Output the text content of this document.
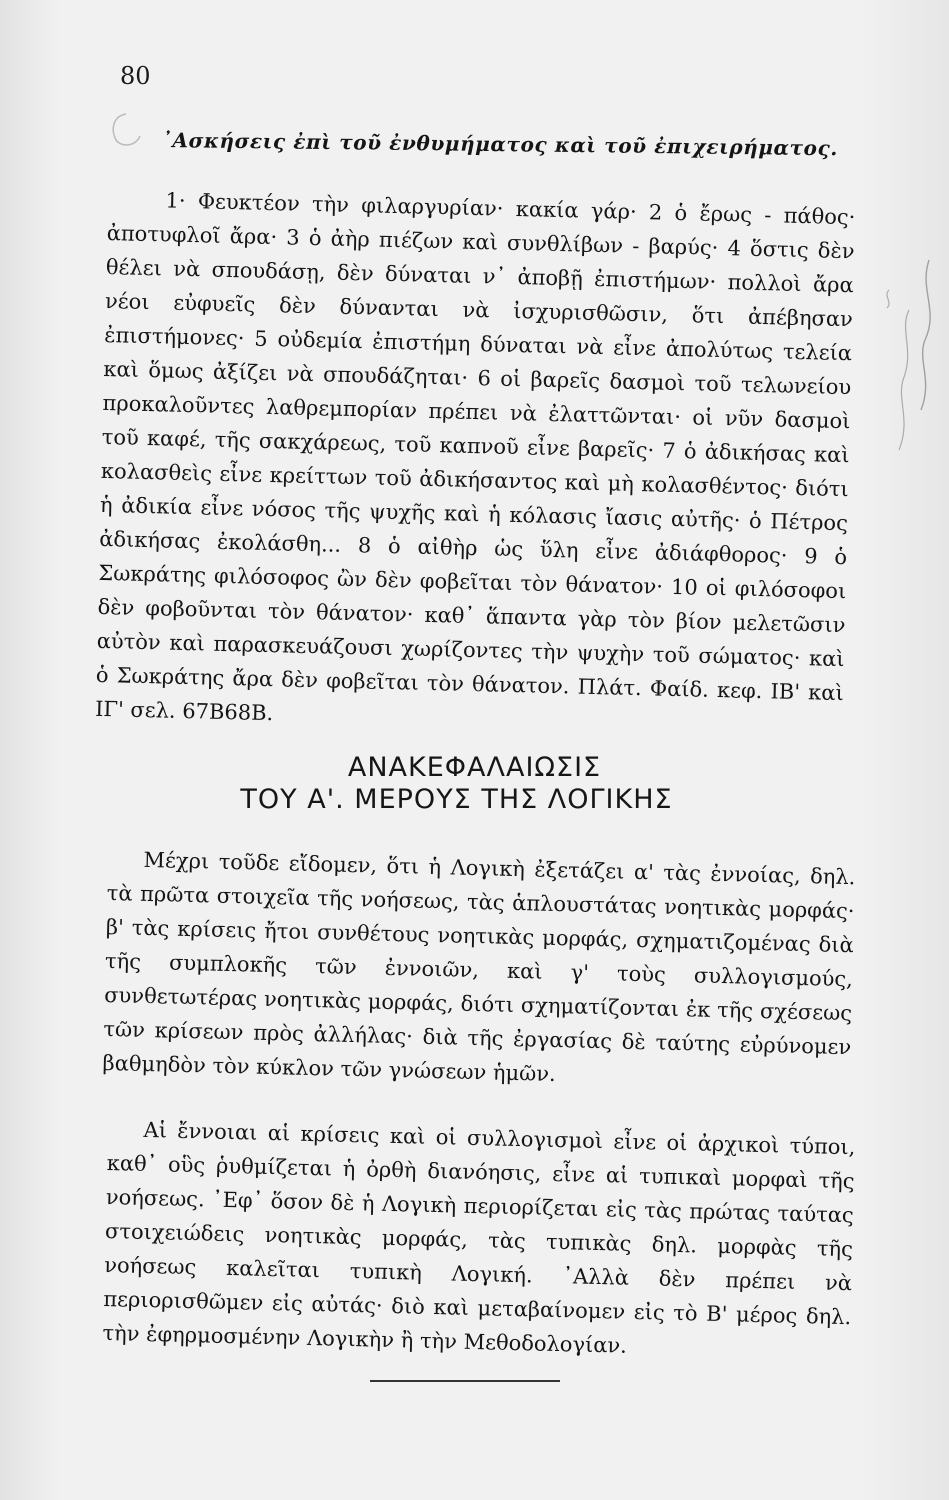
80
᾿Ασκήσεις ἐπὶ τοῦ ἐνθυμήματος καὶ τοῦ ἐπιχειρήματος.
1· Φευκτέον τὴν φιλαργυρίαν· κακία γάρ· 2 ὁ ἔρως - πάθος· ἀποτυφλοῖ ἄρα· 3 ὁ ἀὴρ πιέζων καὶ συνθλίβων - βαρύς· 4 ὅστις δὲν θέλει νὰ σπουδάσῃ, δὲν δύναται ν᾿ ἀποβῇ ἐπιστήμων· πολλοὶ ἄρα νέοι εὐφυεῖς δὲν δύνανται νὰ ἰσχυρισθῶσιν, ὅτι ἀπέβησαν ἐπιστήμονες· 5 οὐδεμία ἐπιστήμη δύναται νὰ εἶνε ἀπολύτως τελεία καὶ ὅμως ἀξίζει νὰ σπουδάζηται· 6 οἱ βαρεῖς δασμοὶ τοῦ τελωνείου προκαλοῦντες λαθρεμπορίαν πρέπει νὰ ἐλαττῶνται· οἱ νῦν δασμοὶ τοῦ καφέ, τῆς σακχάρεως, τοῦ καπνοῦ εἶνε βαρεῖς· 7 ὁ ἀδικήσας καὶ κολασθεὶς εἶνε κρείττων τοῦ ἀδικήσαντος καὶ μὴ κολασθέντος· διότι ἡ ἀδικία εἶνε νόσος τῆς ψυχῆς καὶ ἡ κόλασις ἴασις αὐτῆς· ὁ Πέτρος ἀδικήσας ἐκολάσθη... 8 ὁ αἰθὴρ ὡς ὕλη εἶνε ἀδιάφθορος· 9 ὁ Σωκράτης φιλόσοφος ὢν δὲν φοβεῖται τὸν θάνατον· 10 οἱ φιλόσοφοι δὲν φοβοῦνται τὸν θάνατον· καθ᾿ ἅπαντα γὰρ τὸν βίον μελετῶσιν αὐτὸν καὶ παρασκευάζουσι χωρίζοντες τὴν ψυχὴν τοῦ σώματος· καὶ ὁ Σωκράτης ἄρα δὲν φοβεῖται τὸν θάνατον. Πλάτ. Φαίδ. κεφ. ΙΒ' καὶ ΙΓ' σελ. 67Β68Β.
ΑΝΑΚΕΦΑΛΑΙΩΣΙΣ
ΤΟΥ Α'. ΜΕΡΟΥΣ ΤΗΣ ΛΟΓΙΚΗΣ
Μέχρι τοῦδε εἴδομεν, ὅτι ἡ Λογικὴ ἐξετάζει α' τὰς ἐννοίας, δηλ. τὰ πρῶτα στοιχεῖα τῆς νοήσεως, τὰς ἁπλουστάτας νοητικὰς μορφάς· β' τὰς κρίσεις ἤτοι συνθέτους νοητικὰς μορφάς, σχηματιζομένας διὰ τῆς συμπλοκῆς τῶν ἐννοιῶν, καὶ γ' τοὺς συλλογισμούς, συνθετωτέρας νοητικὰς μορφάς, διότι σχηματίζονται ἐκ τῆς σχέσεως τῶν κρίσεων πρὸς ἀλλήλας· διὰ τῆς ἐργασίας δὲ ταύτης εὐρύνομεν βαθμηδὸν τὸν κύκλον τῶν γνώσεων ἡμῶν.
Αἱ ἔννοιαι αἱ κρίσεις καὶ οἱ συλλογισμοὶ εἶνε οἱ ἀρχικοὶ τύποι, καθ᾿ οὓς ῥυθμίζεται ἡ ὀρθὴ διανόησις, εἶνε αἱ τυπικαὶ μορφαὶ τῆς νοήσεως. ᾿Εφ᾿ ὅσον δὲ ἡ Λογικὴ περιορίζεται εἰς τὰς πρώτας ταύτας στοιχειώδεις νοητικὰς μορφάς, τὰς τυπικὰς δηλ. μορφὰς τῆς νοήσεως καλεῖται τυπικὴ Λογική. ᾿Αλλὰ δὲν πρέπει νὰ περιορισθῶμεν εἰς αὐτάς· διὸ καὶ μεταβαίνομεν εἰς τὸ Β' μέρος δηλ. τὴν ἐφηρμοσμένην Λογικὴν ἢ τὴν Μεθοδολογίαν.
